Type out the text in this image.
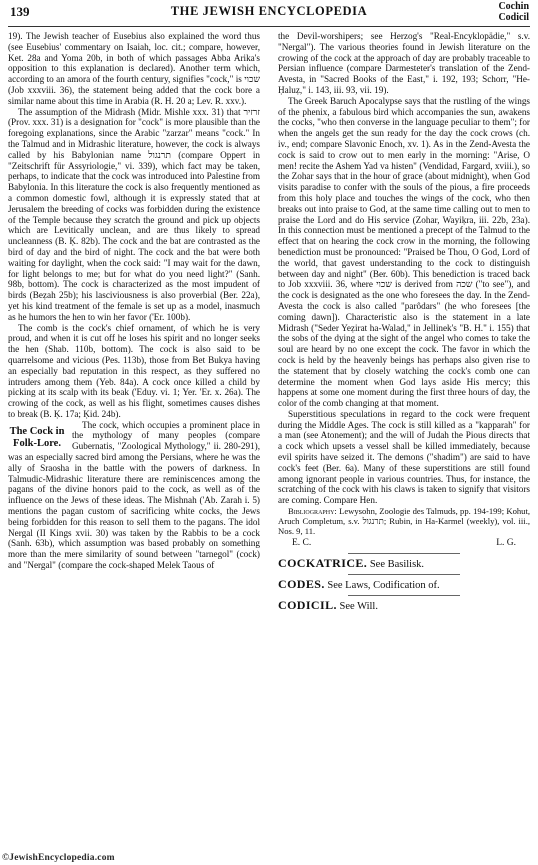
139	THE JEWISH ENCYCLOPEDIA	Cochin
Codicil

19). The Jewish teacher of Eusebius also explained the word thus (see Eusebius' commentary on Isaiah, loc. cit.; compare, however, Ket. 28a and Yoma 20b, in both of which passages Abba Arika's opposition to this explanation is declared). Another term which, according to an amora of the fourth century, signifies "cock," is שכוי (Job xxxviii. 36), the statement being added that the cock bore a similar name about this time in Arabia (R. H. 20 a; Lev. R. xxv.).

The assumption of the Midrash (Midr. Mishle xxx. 31) that זרזיר (Prov. xxx. 31) is a designation for "cock" is more plausible than the foregoing explanations, since the Arabic "zarzar" means "cock." In the Talmud and in Midrashic literature, however, the cock is always called by his Babylonian name תרנגול (compare Oppert in "Zeitschrift für Assyriologie," vi. 339), which fact may be taken, perhaps, to indicate that the cock was introduced into Palestine from Babylonia. In this literature the cock is also frequently mentioned as a common domestic fowl, although it is expressly stated that at Jerusalem the breeding of cocks was forbidden during the existence of the Temple because they scratch the ground and pick up objects which are Levitically unclean, and are thus likely to spread uncleanness (B. Ḳ. 82b). The cock and the bat are contrasted as the bird of day and the bird of night. The cock and the bat were both waiting for daylight, when the cock said: "I may wait for the dawn, for light belongs to me; but for what do you need light?" (Sanh. 98b, bottom). The cock is characterized as the most impudent of birds (Beẓah 25b); his lasciviousness is also proverbial (Ber. 22a), yet his kind treatment of the female is set up as a model, inasmuch as he humors the hen to win her favor ('Er. 100b).

The comb is the cock's chief ornament, of which he is very proud, and when it is cut off he loses his spirit and no longer seeks the hen (Shab. 110b, bottom). The cock is also said to be quarrelsome and vicious (Pes. 113b), those from Bet Bukya having an especially bad reputation in this respect, as they suffered no intruders among them (Yeb. 84a). A cock once killed a child by picking at its scalp with its beak ('Eduy. vi. 1; Yer. 'Er. x. 26a). The crowing of the cock, as well as his flight, sometimes causes dishes to break (B. Ḳ. 17a; Ḳid. 24b).

The Cock in Folk-Lore.

The cock, which occupies a prominent place in the mythology of many peoples (compare Gubernatis, "Zoological Mythology," ii. 280-291), was an especially sacred bird among the Persians, where he was the ally of Sraosha in the battle with the powers of darkness. In Talmudic-Midrashic literature there are reminiscences among the pagans of the divine honors paid to the cock, as well as of the influence on the Jews of these ideas. The Mishnah ('Ab. Zarah i. 5) mentions the pagan custom of sacrificing white cocks, the Jews being forbidden for this reason to sell them to the pagans. The idol Nergal (II Kings xvii. 30) was taken by the Rabbis to be a cock (Sanh. 63b), which assumption was based probably on something more than the mere similarity of sound between "tarnegol" (cock) and "Nergal" (compare the cock-shaped Melek Taous of

the Devil-worshipers; see Herzog's "Real-Encyklopädie," s.v. "Nergal"). The various theories found in Jewish literature on the crowing of the cock at the approach of day are probably traceable to Persian influence (compare Darmesteter's translation of the Zend-Avesta, in "Sacred Books of the East," i. 192, 193; Schorr, "He-Ḥaluẓ," i. 143, iii. 93, vii. 19).

The Greek Baruch Apocalypse says that the rustling of the wings of the phenix, a fabulous bird which accompanies the sun, awakens the cocks, "who then converse in the language peculiar to them"; for when the angels get the sun ready for the day the cock crows (ch. iv., end; compare Slavonic Enoch, xv. 1). As in the Zend-Avesta the cock is said to crow out to men early in the morning: "Arise, O men! recite the Ashem Yad va histen" (Vendidad, Fargard, xviii.), so the Zohar says that in the hour of grace (about midnight), when God visits paradise to confer with the souls of the pious, a fire proceeds from this holy place and touches the wings of the cock, who then breaks out into praise to God, at the same time calling out to men to praise the Lord and do His service (Zohar, Wayiḳra, iii. 22b, 23a). In this connection must be mentioned a precept of the Talmud to the effect that on hearing the cock crow in the morning, the following benediction must be pronounced: "Praised be Thou, O God, Lord of the world, that gavest understanding to the cock to distinguish between day and night" (Ber. 60b). This benediction is traced back to Job xxxviii. 36, where שכוי is derived from שכה ("to see"), and the cock is designated as the one who foresees the day. In the Zend-Avesta the cock is also called "parôdars" (he who foresees [the coming dawn]). Characteristic also is the statement in a late Midrash ("Seder Yeẓirat ha-Walad," in Jellinek's "B. H." i. 155) that the sobs of the dying at the sight of the angel who comes to take the soul are heard by no one except the cock. The favor in which the cock is held by the heavenly beings has perhaps also given rise to the statement that by closely watching the cock's comb one can determine the moment when God lays aside His mercy; this happens at some one moment during the first three hours of day, the color of the comb changing at that moment.

Superstitious speculations in regard to the cock were frequent during the Middle Ages. The cock is still killed as a "kapparah" for a man (see Atonement); and the will of Judah the Pious directs that a cock which upsets a vessel shall be killed immediately, because evil spirits have seized it. The demons ("shadim") are said to have cock's feet (Ber. 6a). Many of these superstitions are still found among ignorant people in various countries. Thus, for instance, the scratching of the cock with his claws is taken to signify that visitors are coming. Compare Hen.

Bibliography: Lewysohn, Zoologie des Talmuds, pp. 194-199; Kohut, Aruch Completum, s.v. תרנגול; Rubin, in Ha-Karmel (weekly), vol. iii., Nos. 9, 11.

E. C.	L. G.

COCKATRICE. See Basilisk.

CODES. See Laws, Codification of.

CODICIL. See Will.

©JewishEncyclopedia.com
